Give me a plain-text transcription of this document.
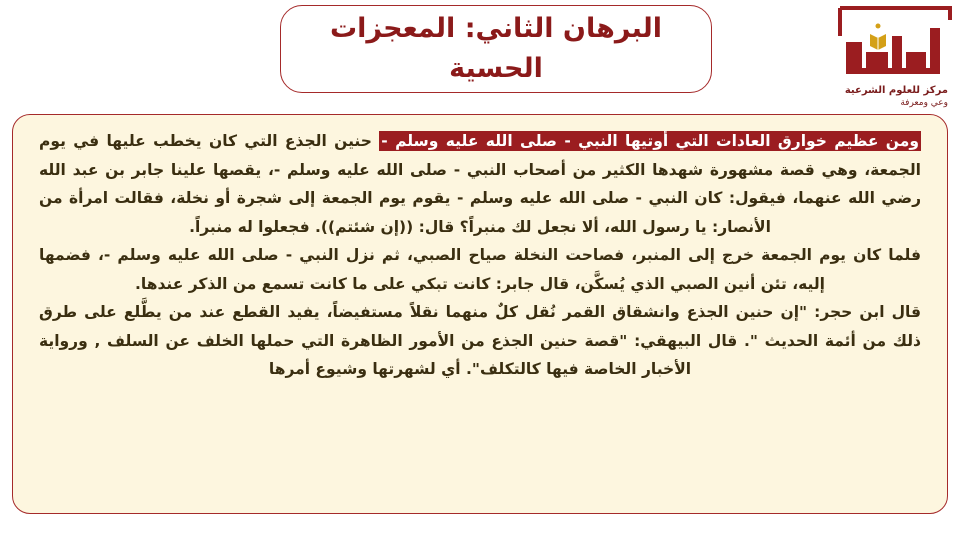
البرهان الثاني: المعجزات الحسية
مركز للعلوم الشرعية
وعي ومعرفة

ومن عظيم خوارق العادات التي أوتيها النبي - صلى الله عليه وسلم - حنين الجذع التي كان يخطب عليها في يوم الجمعة، وهي قصة مشهورة شهدها الكثير من أصحاب النبي - صلى الله عليه وسلم -، يقصها علينا جابر بن عبد الله رضي الله عنهما، فيقول: كان النبي - صلى الله عليه وسلم - يقوم يوم الجمعة إلى شجرة أو نخلة، فقالت امرأة من الأنصار: يا رسول الله، ألا نجعل لك منبراً؟ قال: ((إن شئتم)). فجعلوا له منبراً.

فلما كان يوم الجمعة خرج إلى المنبر، فصاحت النخلة صياح الصبي، ثم نزل النبي - صلى الله عليه وسلم -، فضمها إليه، تئن أنين الصبي الذي يُسكَّن، قال جابر: كانت تبكي على ما كانت تسمع من الذكر عندها.

قال ابن حجر: "إن حنين الجذع وانشقاق القمر نُقل كلٌ منهما نقلاً مستفيضاً، يفيد القطع عند من يطَّلع على طرق ذلك من أئمة الحديث ". قال البيهقي: "قصة حنين الجذع من الأمور الظاهرة التي حملها الخلف عن السلف , ورواية الأخبار الخاصة فيها كالتكلف". أي لشهرتها وشيوع أمرها
